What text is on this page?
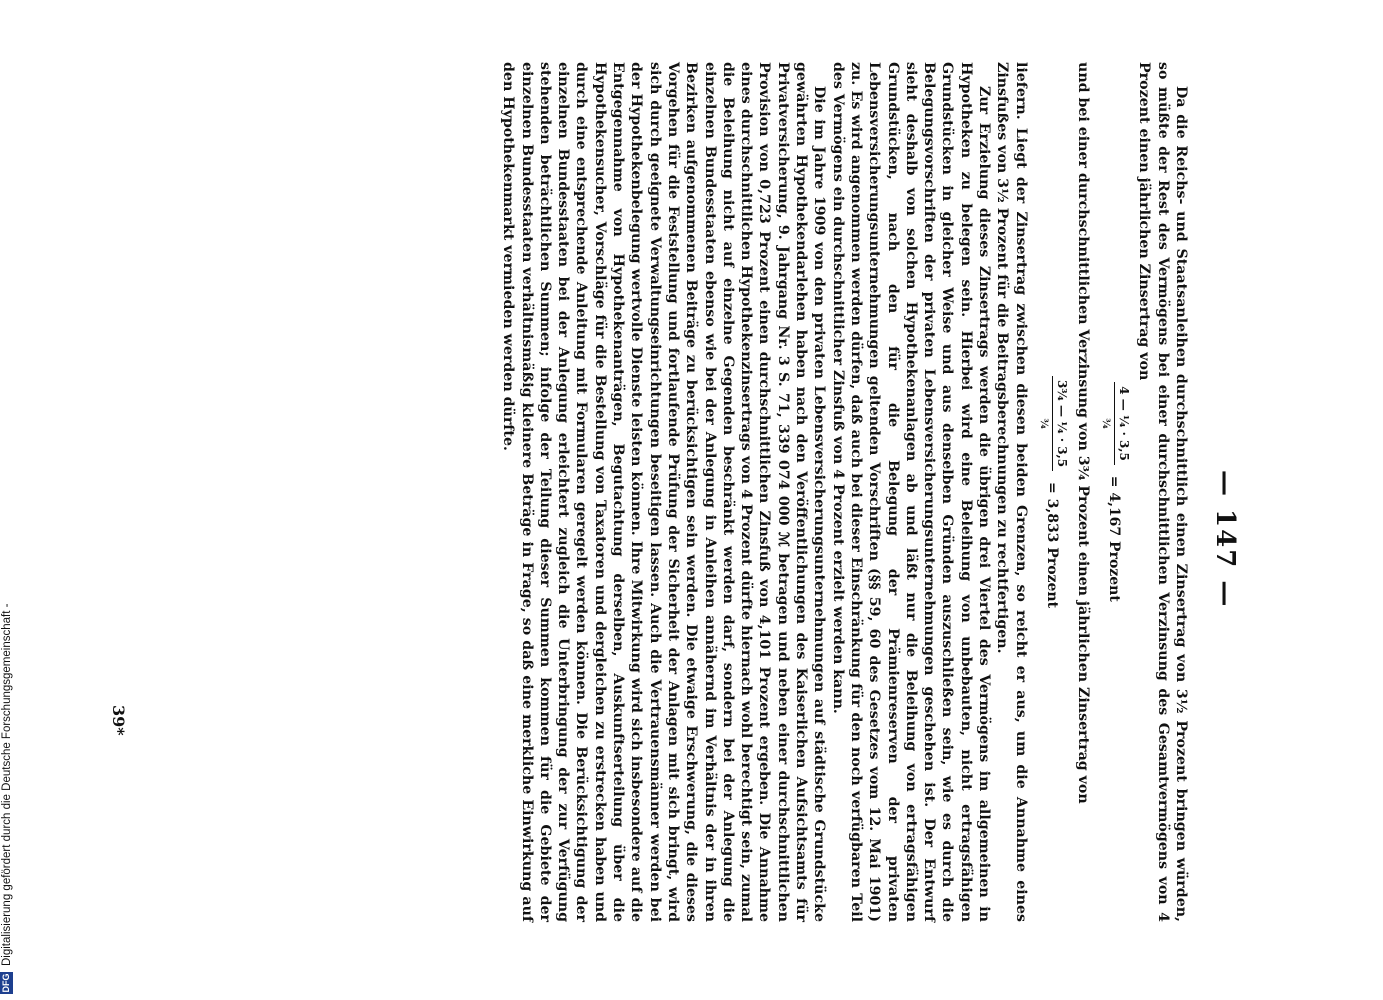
— 147 —

Da die Reichs- und Staatsanleihen durchschnittlich einen Zinsertrag von 3½ Prozent bringen würden, so müßte der Rest des Vermögens bei einer durchschnittlichen Verzinsung des Gesamtvermögens von 4 Prozent einen jährlichen Zinsertrag von

4 — ¼ · 3,5
¾
= 4,167 Prozent

und bei einer durchschnittlichen Verzinsung von 3¾ Prozent einen jährlichen Zinsertrag von

3¾ — ¼ · 3,5
¾
= 3,833 Prozent

liefern. Liegt der Zinsertrag zwischen diesen beiden Grenzen, so reicht er aus, um die Annahme eines Zinsfußes von 3½ Prozent für die Beitragsberechnungen zu rechtfertigen.

Zur Erzielung dieses Zinsertrags werden die übrigen drei Viertel des Vermögens im allgemeinen in Hypotheken zu belegen sein. Hierbei wird eine Beleihung von unbebauten, nicht ertragsfähigen Grundstücken in gleicher Weise und aus denselben Gründen auszuschließen sein, wie es durch die Belegungsvorschriften der privaten Lebensversicherungsunternehmungen geschehen ist. Der Entwurf sieht deshalb von solchen Hypothekenanlagen ab und läßt nur die Beleihung von ertragsfähigen Grundstücken, nach den für die Belegung der Prämienreserven der privaten Lebensversicherungsunternehmungen geltenden Vorschriften (§§ 59, 60 des Gesetzes vom 12. Mai 1901) zu. Es wird angenommen werden dürfen, daß auch bei dieser Einschränkung für den noch verfügbaren Teil des Vermögens ein durchschnittlicher Zinsfuß von 4 Prozent erzielt werden kann.

Die im Jahre 1909 von den privaten Lebensversicherungsunternehmungen auf städtische Grundstücke gewährten Hypothekendarlehen haben nach den Veröffentlichungen des Kaiserlichen Aufsichtsamts für Privatversicherung, 9. Jahrgang Nr. 3 S. 71, 339 074 000 ℳ betragen und neben einer durchschnittlichen Provision von 0,723 Prozent einen durchschnittlichen Zinsfuß von 4,101 Prozent ergeben. Die Annahme eines durchschnittlichen Hypothekenzinsertrags von 4 Prozent dürfte hiernach wohl berechtigt sein, zumal die Beleihung nicht auf einzelne Gegenden beschränkt werden darf, sondern bei der Anlegung die einzelnen Bundesstaaten ebenso wie bei der Anlegung in Anleihen annähernd im Verhältnis der in ihren Bezirken aufgenommenen Beiträge zu berücksichtigen sein werden. Die etwaige Erschwerung, die dieses Vorgehen für die Feststellung und fortlaufende Prüfung der Sicherheit der Anlagen mit sich bringt, wird sich durch geeignete Verwaltungseinrichtungen beseitigen lassen. Auch die Vertrauensmänner werden bei der Hypothekenbelegung wertvolle Dienste leisten können. Ihre Mitwirkung wird sich insbesondere auf die Entgegennahme von Hypothekenanträgen, Begutachtung derselben, Auskunftserteilung über die Hypothekensucher, Vorschläge für die Bestellung von Taxatoren und dergleichen zu erstrecken haben und durch eine entsprechende Anleitung mit Formularen geregelt werden können. Die Berücksichtigung der einzelnen Bundesstaaten bei der Anlegung erleichtert zugleich die Unterbringung der zur Verfügung stehenden beträchtlichen Summen; infolge der Teilung dieser Summen kommen für die Gebiete der einzelnen Bundesstaaten verhältnismäßig kleinere Beträge in Frage, so daß eine merkliche Einwirkung auf den Hypothekenmarkt vermieden werden dürfte.

39*
DFG
Digitalisierung gefördert durch die Deutsche Forschungsgemeinschaft -
